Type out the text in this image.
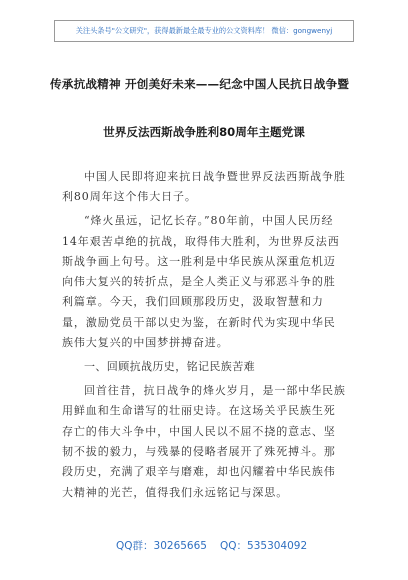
关注头条号"公文研究"，获得最新最全最专业的公文资料库！ 微信：gongwenyj
传承抗战精神 开创美好未来——纪念中国人民抗日战争暨
世界反法西斯战争胜利80周年主题党课

中国人民即将迎来抗日战争暨世界反法西斯战争胜利80周年这个伟大日子。

“烽火虽远，记忆长存。”80年前，中国人民历经14年艰苦卓绝的抗战，取得伟大胜利，为世界反法西斯战争画上句号。这一胜利是中华民族从深重危机迈向伟大复兴的转折点，是全人类正义与邪恶斗争的胜利篇章。今天，我们回顾那段历史，汲取智慧和力量，激励党员干部以史为鉴，在新时代为实现中华民族伟大复兴的中国梦拼搏奋进。

一、回顾抗战历史，铭记民族苦难

回首往昔，抗日战争的烽火岁月，是一部中华民族用鲜血和生命谱写的壮丽史诗。在这场关乎民族生死存亡的伟大斗争中，中国人民以不屈不挠的意志、坚韧不拔的毅力，与残暴的侵略者展开了殊死搏斗。那段历史，充满了艰辛与磨难，却也闪耀着中华民族伟大精神的光芒，值得我们永远铭记与深思。

QQ群：30265665 QQ：535304092
